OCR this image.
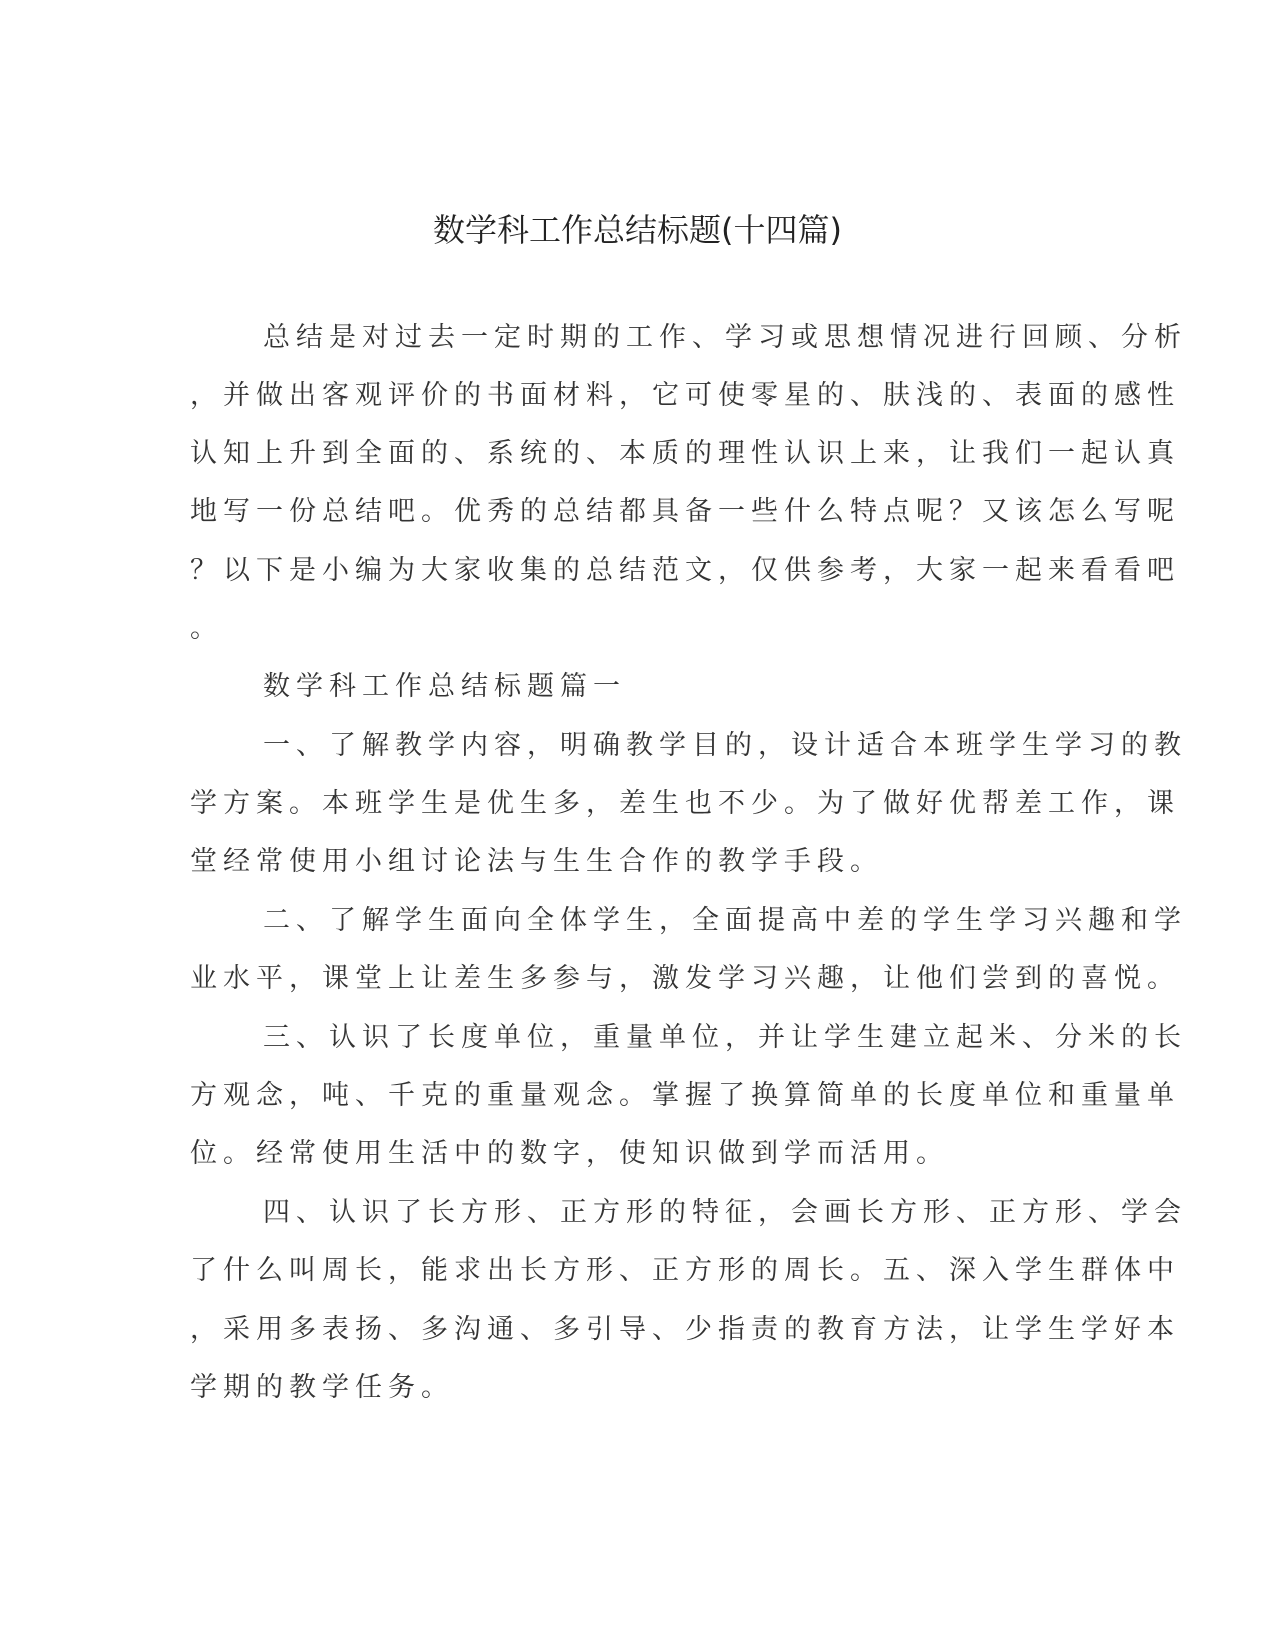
数学科工作总结标题(十四篇)

总结是对过去一定时期的工作、学习或思想情况进行回顾、分析

，并做出客观评价的书面材料，它可使零星的、肤浅的、表面的感性

认知上升到全面的、系统的、本质的理性认识上来，让我们一起认真

地写一份总结吧。优秀的总结都具备一些什么特点呢？又该怎么写呢

？以下是小编为大家收集的总结范文，仅供参考，大家一起来看看吧

。

数学科工作总结标题篇一

一、了解教学内容，明确教学目的，设计适合本班学生学习的教

学方案。本班学生是优生多，差生也不少。为了做好优帮差工作，课

堂经常使用小组讨论法与生生合作的教学手段。

二、了解学生面向全体学生，全面提高中差的学生学习兴趣和学

业水平，课堂上让差生多参与，激发学习兴趣，让他们尝到的喜悦。

三、认识了长度单位，重量单位，并让学生建立起米、分米的长

方观念，吨、千克的重量观念。掌握了换算简单的长度单位和重量单

位。经常使用生活中的数字，使知识做到学而活用。

四、认识了长方形、正方形的特征，会画长方形、正方形、学会

了什么叫周长，能求出长方形、正方形的周长。五、深入学生群体中

，采用多表扬、多沟通、多引导、少指责的教育方法，让学生学好本

学期的教学任务。
